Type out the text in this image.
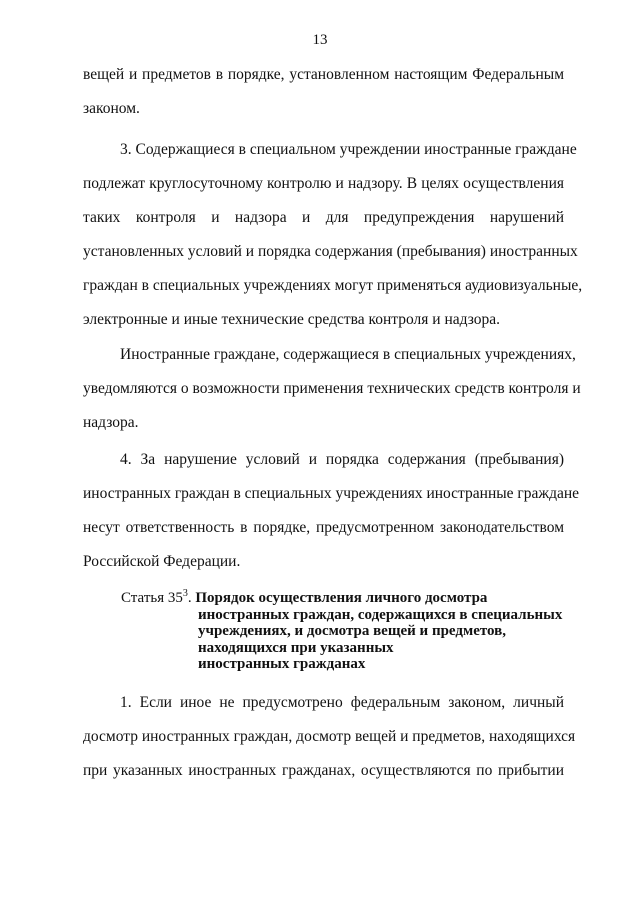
13
вещей и предметов в порядке, установленном настоящим Федеральным
законом.
3. Содержащиеся в специальном учреждении иностранные граждане
подлежат круглосуточному контролю и надзору. В целях осуществления
таких контроля и надзора и для предупреждения нарушений
установленных условий и порядка содержания (пребывания) иностранных
граждан в специальных учреждениях могут применяться аудиовизуальные,
электронные и иные технические средства контроля и надзора.
Иностранные граждане, содержащиеся в специальных учреждениях,
уведомляются о возможности применения технических средств контроля и
надзора.
4. За нарушение условий и порядка содержания (пребывания)
иностранных граждан в специальных учреждениях иностранные граждане
несут ответственность в порядке, предусмотренном законодательством
Российской Федерации.
Статья $35^3$. Порядок осуществления личного досмотра
иностранных граждан, содержащихся в специальных
учреждениях, и досмотра вещей и предметов,
находящихся при указанных
иностранных гражданах
1. Если иное не предусмотрено федеральным законом, личный
досмотр иностранных граждан, досмотр вещей и предметов, находящихся
при указанных иностранных гражданах, осуществляются по прибытии
